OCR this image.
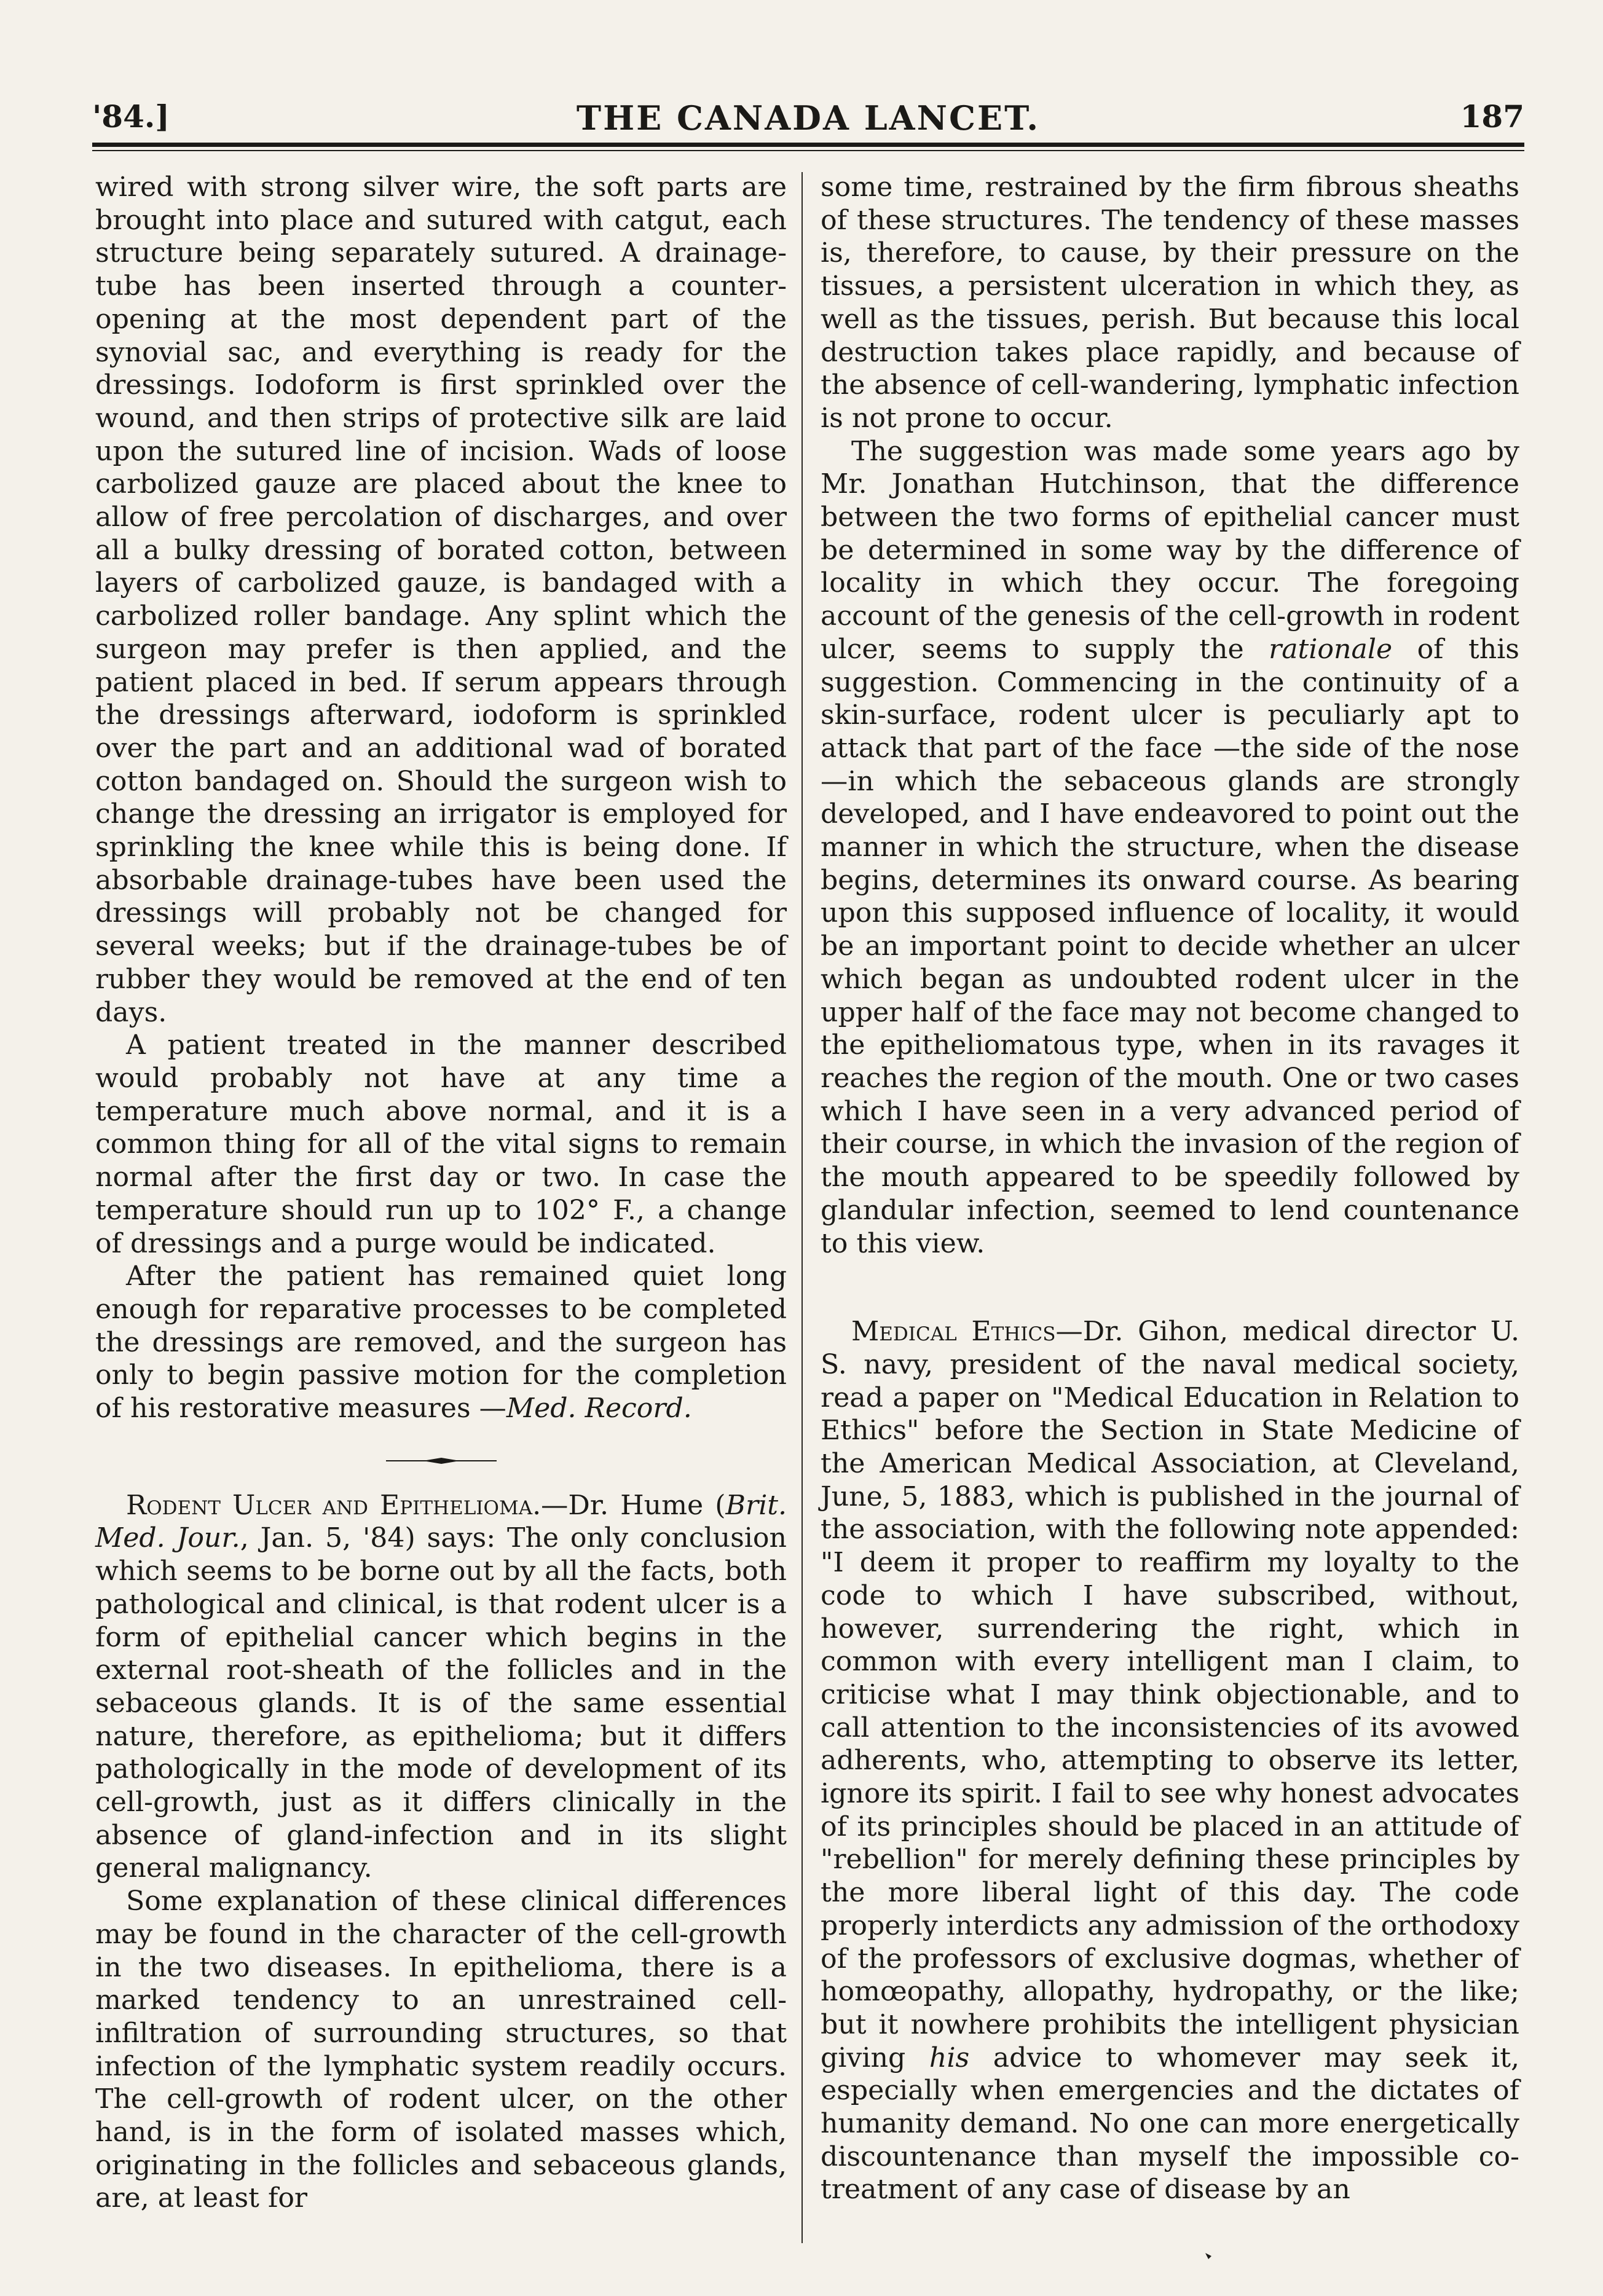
'84.]	THE CANADA LANCET.	187

wired with strong silver wire, the soft parts are brought into place and sutured with catgut, each structure being separately sutured. A drainage-tube has been inserted through a counter-opening at the most dependent part of the synovial sac, and everything is ready for the dressings. Iodoform is first sprinkled over the wound, and then strips of protective silk are laid upon the sutured line of incision. Wads of loose carbolized gauze are placed about the knee to allow of free percolation of discharges, and over all a bulky dressing of borated cotton, between layers of carbolized gauze, is bandaged with a carbolized roller bandage. Any splint which the surgeon may prefer is then applied, and the patient placed in bed. If serum appears through the dressings afterward, iodoform is sprinkled over the part and an additional wad of borated cotton bandaged on. Should the surgeon wish to change the dressing an irrigator is employed for sprinkling the knee while this is being done. If absorbable drainage-tubes have been used the dressings will probably not be changed for several weeks; but if the drainage-tubes be of rubber they would be removed at the end of ten days.

A patient treated in the manner described would probably not have at any time a temperature much above normal, and it is a common thing for all of the vital signs to remain normal after the first day or two. In case the temperature should run up to 102° F., a change of dressings and a purge would be indicated.

After the patient has remained quiet long enough for reparative processes to be completed the dressings are removed, and the surgeon has only to begin passive motion for the completion of his restorative measures —Med. Record.

Rodent Ulcer and Epithelioma.—Dr. Hume (Brit. Med. Jour., Jan. 5, '84) says: The only conclusion which seems to be borne out by all the facts, both pathological and clinical, is that rodent ulcer is a form of epithelial cancer which begins in the external root-sheath of the follicles and in the sebaceous glands. It is of the same essential nature, therefore, as epithelioma; but it differs pathologically in the mode of development of its cell-growth, just as it differs clinically in the absence of gland-infection and in its slight general malignancy.

Some explanation of these clinical differences may be found in the character of the cell-growth in the two diseases. In epithelioma, there is a marked tendency to an unrestrained cell-infiltration of surrounding structures, so that infection of the lymphatic system readily occurs. The cell-growth of rodent ulcer, on the other hand, is in the form of isolated masses which, originating in the follicles and sebaceous glands, are, at least for

some time, restrained by the firm fibrous sheaths of these structures. The tendency of these masses is, therefore, to cause, by their pressure on the tissues, a persistent ulceration in which they, as well as the tissues, perish. But because this local destruction takes place rapidly, and because of the absence of cell-wandering, lymphatic infection is not prone to occur.

The suggestion was made some years ago by Mr. Jonathan Hutchinson, that the difference between the two forms of epithelial cancer must be determined in some way by the difference of locality in which they occur. The foregoing account of the genesis of the cell-growth in rodent ulcer, seems to supply the rationale of this suggestion. Commencing in the continuity of a skin-surface, rodent ulcer is peculiarly apt to attack that part of the face —the side of the nose—in which the sebaceous glands are strongly developed, and I have endeavored to point out the manner in which the structure, when the disease begins, determines its onward course. As bearing upon this supposed influence of locality, it would be an important point to decide whether an ulcer which began as undoubted rodent ulcer in the upper half of the face may not become changed to the epitheliomatous type, when in its ravages it reaches the region of the mouth. One or two cases which I have seen in a very advanced period of their course, in which the invasion of the region of the mouth appeared to be speedily followed by glandular infection, seemed to lend countenance to this view.

Medical Ethics—Dr. Gihon, medical director U. S. navy, president of the naval medical society, read a paper on "Medical Education in Relation to Ethics" before the Section in State Medicine of the American Medical Association, at Cleveland, June, 5, 1883, which is published in the journal of the association, with the following note appended: "I deem it proper to reaffirm my loyalty to the code to which I have subscribed, without, however, surrendering the right, which in common with every intelligent man I claim, to criticise what I may think objectionable, and to call attention to the inconsistencies of its avowed adherents, who, attempting to observe its letter, ignore its spirit. I fail to see why honest advocates of its principles should be placed in an attitude of "rebellion" for merely defining these principles by the more liberal light of this day. The code properly interdicts any admission of the orthodoxy of the professors of exclusive dogmas, whether of homœopathy, allopathy, hydropathy, or the like; but it nowhere prohibits the intelligent physician giving his advice to whomever may seek it, especially when emergencies and the dictates of humanity demand. No one can more energetically discountenance than myself the impossible co-treatment of any case of disease by an
